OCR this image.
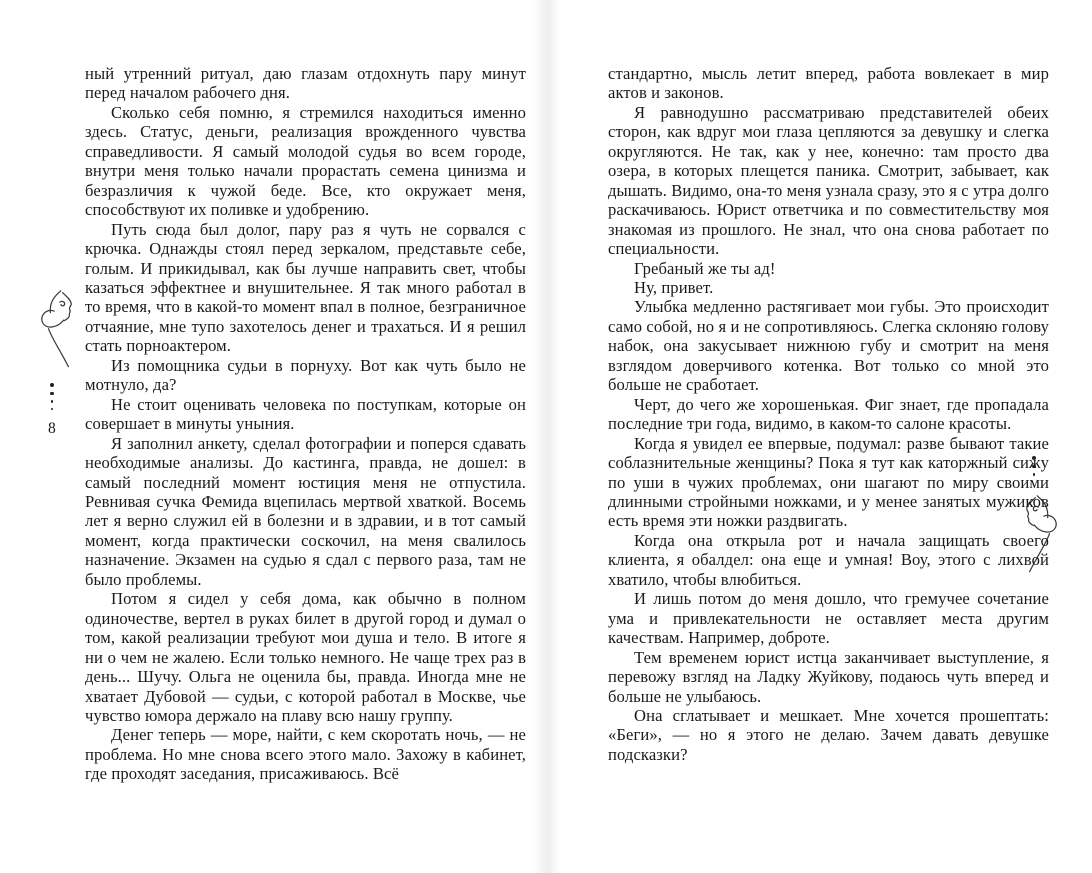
8

ный утренний ритуал, даю глазам отдохнуть пару минут перед началом рабочего дня.

Сколько себя помню, я стремился находиться именно здесь. Статус, деньги, реализация врожденного чувства справедливости. Я самый молодой судья во всем городе, внутри меня только начали прорастать семена цинизма и безразличия к чужой беде. Все, кто окружает меня, способствуют их поливке и удобрению.

Путь сюда был долог, пару раз я чуть не сорвался с крючка. Однажды стоял перед зеркалом, представьте себе, голым. И прикидывал, как бы лучше направить свет, чтобы казаться эффектнее и внушительнее. Я так много работал в то время, что в какой-то момент впал в полное, безграничное отчаяние, мне тупо захотелось денег и трахаться. И я решил стать порноактером.

Из помощника судьи в порнуху. Вот как чуть было не мотнуло, да?

Не стоит оценивать человека по поступкам, которые он совершает в минуты уныния.

Я заполнил анкету, сделал фотографии и поперся сдавать необходимые анализы. До кастинга, правда, не дошел: в самый последний момент юстиция меня не отпустила. Ревнивая сучка Фемида вцепилась мертвой хваткой. Восемь лет я верно служил ей в болезни и в здравии, и в тот самый момент, когда практически соскочил, на меня свалилось назначение. Экзамен на судью я сдал с первого раза, там не было проблемы.

Потом я сидел у себя дома, как обычно в полном одиночестве, вертел в руках билет в другой город и думал о том, какой реализации требуют мои душа и тело. В итоге я ни о чем не жалею. Если только немного. Не чаще трех раз в день... Шучу. Ольга не оценила бы, правда. Иногда мне не хватает Дубовой — судьи, с которой работал в Москве, чье чувство юмора держало на плаву всю нашу группу.

Денег теперь — море, найти, с кем скоротать ночь, — не проблема. Но мне снова всего этого мало. Захожу в кабинет, где проходят заседания, присаживаюсь. Всё

стандартно, мысль летит вперед, работа вовлекает в мир актов и законов.

Я равнодушно рассматриваю представителей обеих сторон, как вдруг мои глаза цепляются за девушку и слегка округляются. Не так, как у нее, конечно: там просто два озера, в которых плещется паника. Смотрит, забывает, как дышать. Видимо, она-то меня узнала сразу, это я с утра долго раскачиваюсь. Юрист ответчика и по совместительству моя знакомая из прошлого. Не знал, что она снова работает по специальности.

Гребаный же ты ад!

Ну, привет.

Улыбка медленно растягивает мои губы. Это происходит само собой, но я и не сопротивляюсь. Слегка склоняю голову набок, она закусывает нижнюю губу и смотрит на меня взглядом доверчивого котенка. Вот только со мной это больше не сработает.

Черт, до чего же хорошенькая. Фиг знает, где пропадала последние три года, видимо, в каком-то салоне красоты.

Когда я увидел ее впервые, подумал: разве бывают такие соблазнительные женщины? Пока я тут как каторжный сижу по уши в чужих проблемах, они шагают по миру своими длинными стройными ножками, и у менее занятых мужиков есть время эти ножки раздвигать.

Когда она открыла рот и начала защищать своего клиента, я обалдел: она еще и умная! Воу, этого с лихвой хватило, чтобы влюбиться.

И лишь потом до меня дошло, что гремучее сочетание ума и привлекательности не оставляет места другим качествам. Например, доброте.

Тем временем юрист истца заканчивает выступление, я перевожу взгляд на Ладку Жуйкову, подаюсь чуть вперед и больше не улыбаюсь.

Она сглатывает и мешкает. Мне хочется прошептать: «Беги», — но я этого не делаю. Зачем давать девушке подсказки?
